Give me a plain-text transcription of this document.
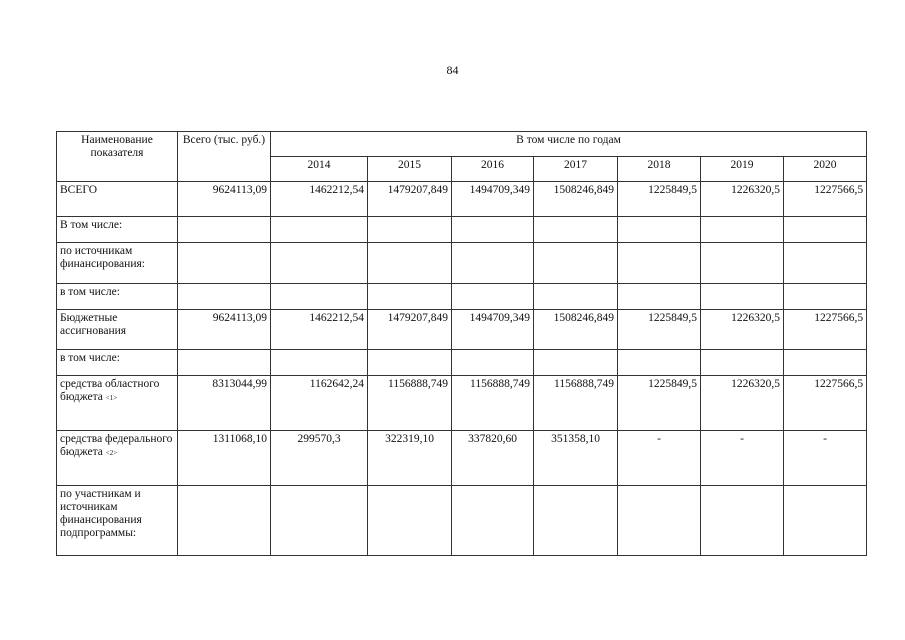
84
Наименование показателя	Всего (тыс. руб.)	В том числе по годам						
		2014	2015	2016	2017	2018	2019	2020
ВСЕГО	9624113,09	1462212,54	1479207,849	1494709,349	1508246,849	1225849,5	1226320,5	1227566,5
В том числе:								
по источникам финансирования:								
в том числе:								
Бюджетные ассигнования	9624113,09	1462212,54	1479207,849	1494709,349	1508246,849	1225849,5	1226320,5	1227566,5
в том числе:								
средства областного бюджета <1>	8313044,99	1162642,24	1156888,749	1156888,749	1156888,749	1225849,5	1226320,5	1227566,5
средства федерального бюджета <2>	1311068,10	299570,3	322319,10	337820,60	351358,10	-	-	-
по участникам и источникам финансирования подпрограммы:								
